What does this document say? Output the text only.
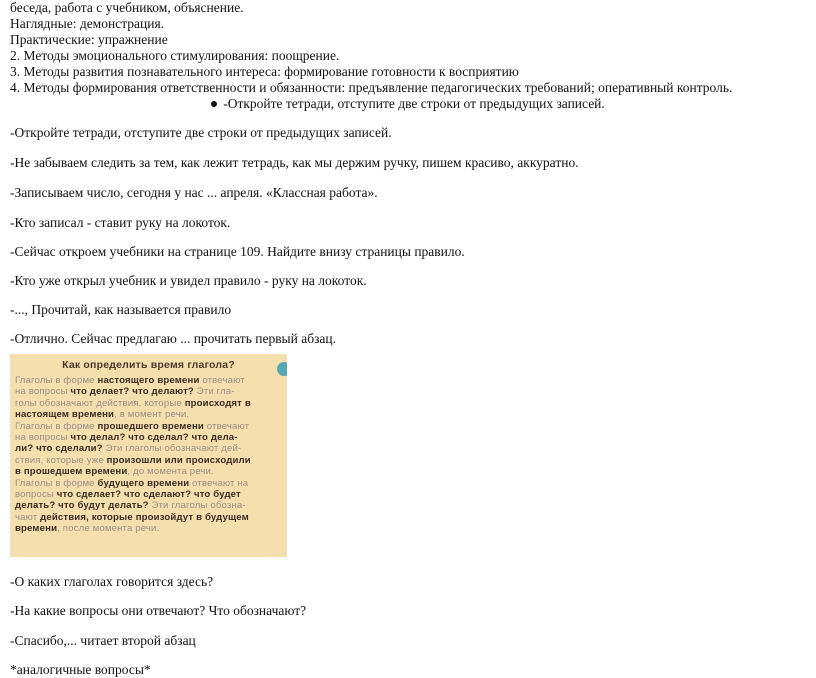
беседа, работа с учебником, объяснение.
Наглядные: демонстрация.
Практические: упражнение
2. Методы эмоционального стимулирования: поощрение.
3. Методы развития познавательного интереса: формирование готовности к восприятию
4. Методы формирования ответственности и обязанности: предъявление педагогических требований; оперативный контроль.
-Откройте тетради, отступите две строки от предыдущих записей.
-Откройте тетради, отступите две строки от предыдущих записей.
-Не забываем следить за тем, как лежит тетрадь, как мы держим ручку, пишем красиво, аккуратно.
-Записываем число, сегодня у нас ... апреля. «Классная работа».
-Кто записал - ставит руку на локоток.
-Сейчас откроем учебники на странице 109. Найдите внизу страницы правило.
-Кто уже открыл учебник и увидел правило - руку на локоток.
-..., Прочитай, как называется правило
-Отлично. Сейчас предлагаю ... прочитать первый абзац.
Как определить время глагола?
Глаголы в форме настоящего времени отвечают
на вопросы что делает? что делают? Эти гла-
голы обозначают действия, которые происходят в
настоящем времени, в момент речи.
Глаголы в форме прошедшего времени отвечают
на вопросы что делал? что сделал? что дела-
ли? что сделали? Эти глаголы обозначают дей-
ствия, которые уже произошли или происходили
в прошедшем времени, до момента речи.
Глаголы в форме будущего времени отвечают на
вопросы что сделает? что сделают? что будет
делать? что будут делать? Эти глаголы обозна-
чают действия, которые произойдут в будущем
времени, после момента речи.
-О каких глаголах говорится здесь?
-На какие вопросы они отвечают? Что обозначают?
-Спасибо,... читает второй абзац
*аналогичные вопросы*
